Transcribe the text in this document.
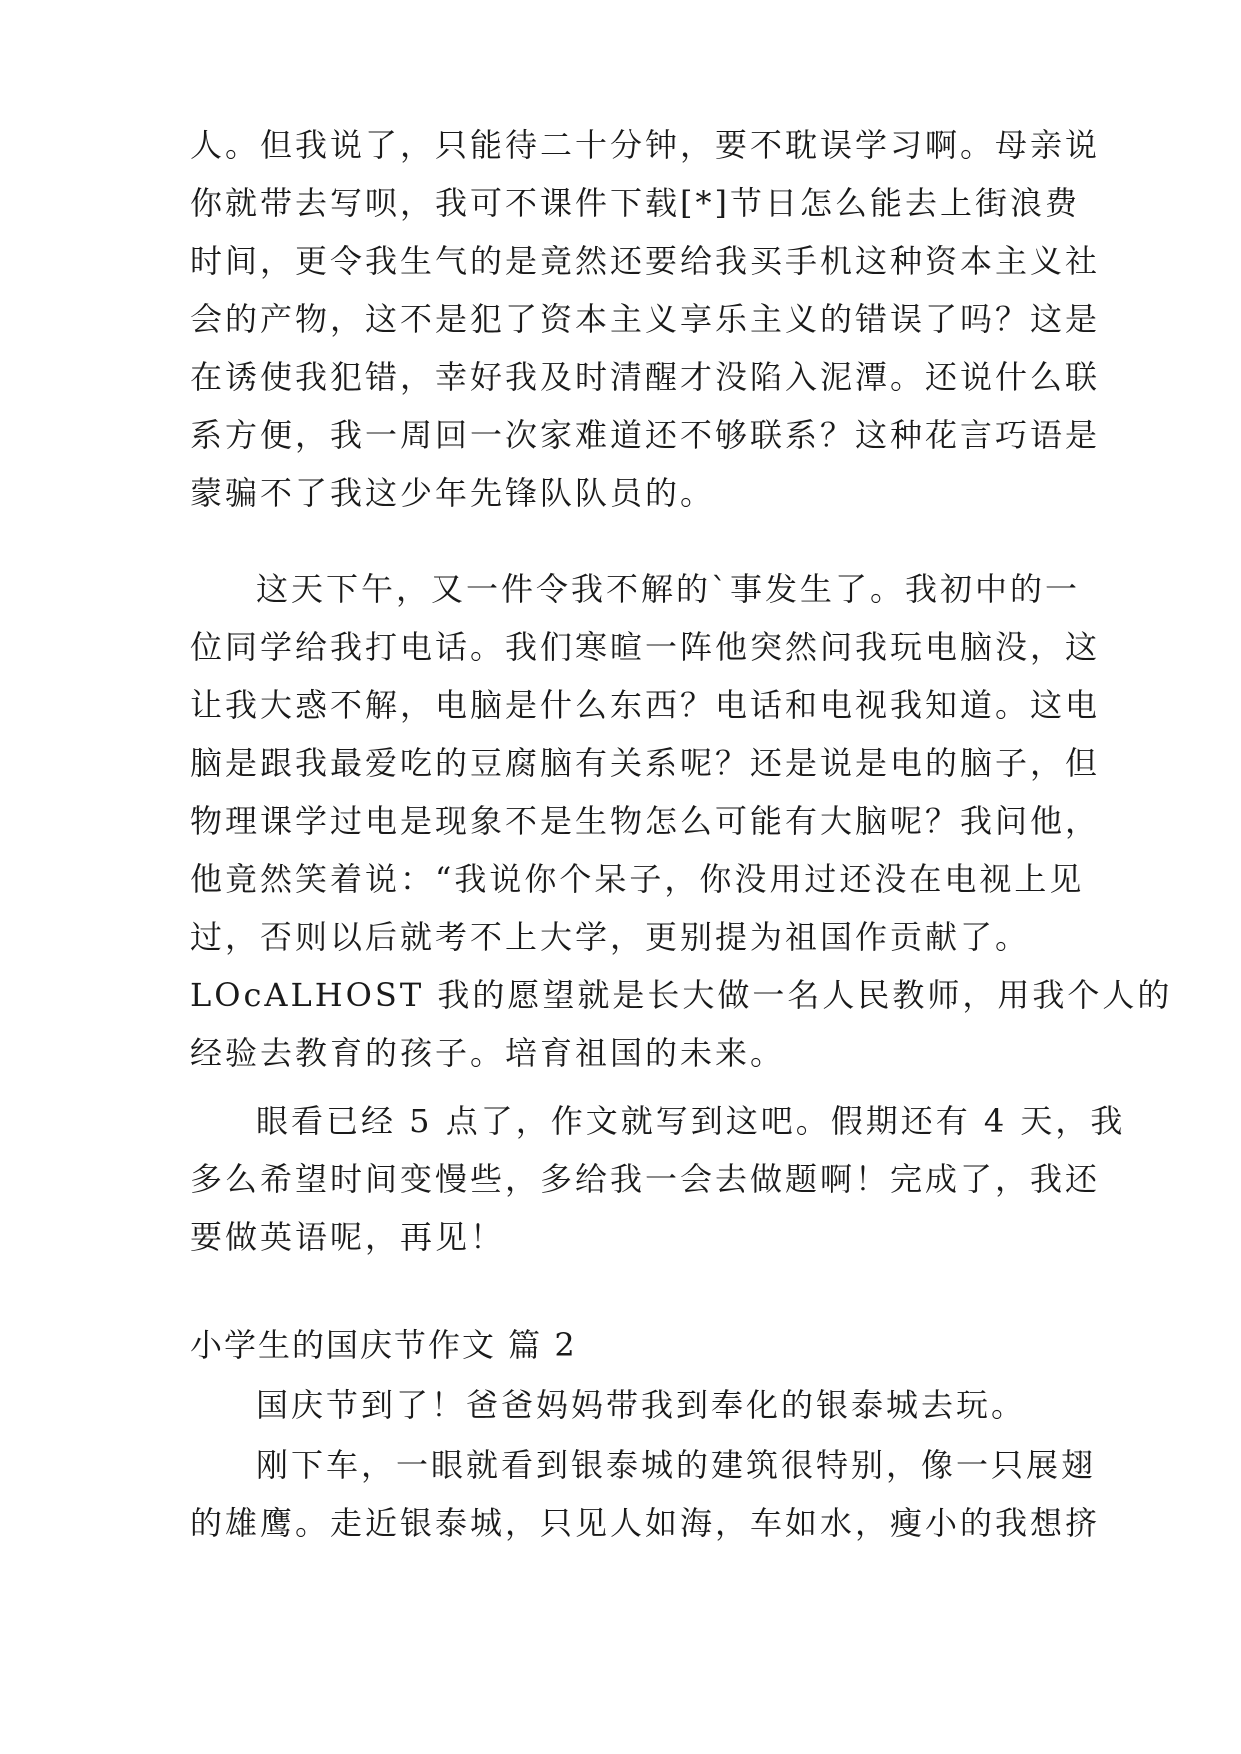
人。但我说了，只能待二十分钟，要不耽误学习啊。母亲说
你就带去写呗，我可不课件下载[*]节日怎么能去上街浪费
时间，更令我生气的是竟然还要给我买手机这种资本主义社
会的产物，这不是犯了资本主义享乐主义的错误了吗？这是
在诱使我犯错，幸好我及时清醒才没陷入泥潭。还说什么联
系方便，我一周回一次家难道还不够联系？这种花言巧语是
蒙骗不了我这少年先锋队队员的。
这天下午，又一件令我不解的`事发生了。我初中的一
位同学给我打电话。我们寒暄一阵他突然问我玩电脑没，这
让我大惑不解，电脑是什么东西？电话和电视我知道。这电
脑是跟我最爱吃的豆腐脑有关系呢？还是说是电的脑子，但
物理课学过电是现象不是生物怎么可能有大脑呢？我问他，
他竟然笑着说：“我说你个呆子，你没用过还没在电视上见
过，否则以后就考不上大学，更别提为祖国作贡献了。
LOcALHOST 我的愿望就是长大做一名人民教师，用我个人的
经验去教育的孩子。培育祖国的未来。
眼看已经 5 点了，作文就写到这吧。假期还有 4 天，我
多么希望时间变慢些，多给我一会去做题啊！完成了，我还
要做英语呢，再见！
小学生的国庆节作文 篇 2
国庆节到了！爸爸妈妈带我到奉化的银泰城去玩。
刚下车，一眼就看到银泰城的建筑很特别，像一只展翅
的雄鹰。走近银泰城，只见人如海，车如水，瘦小的我想挤
